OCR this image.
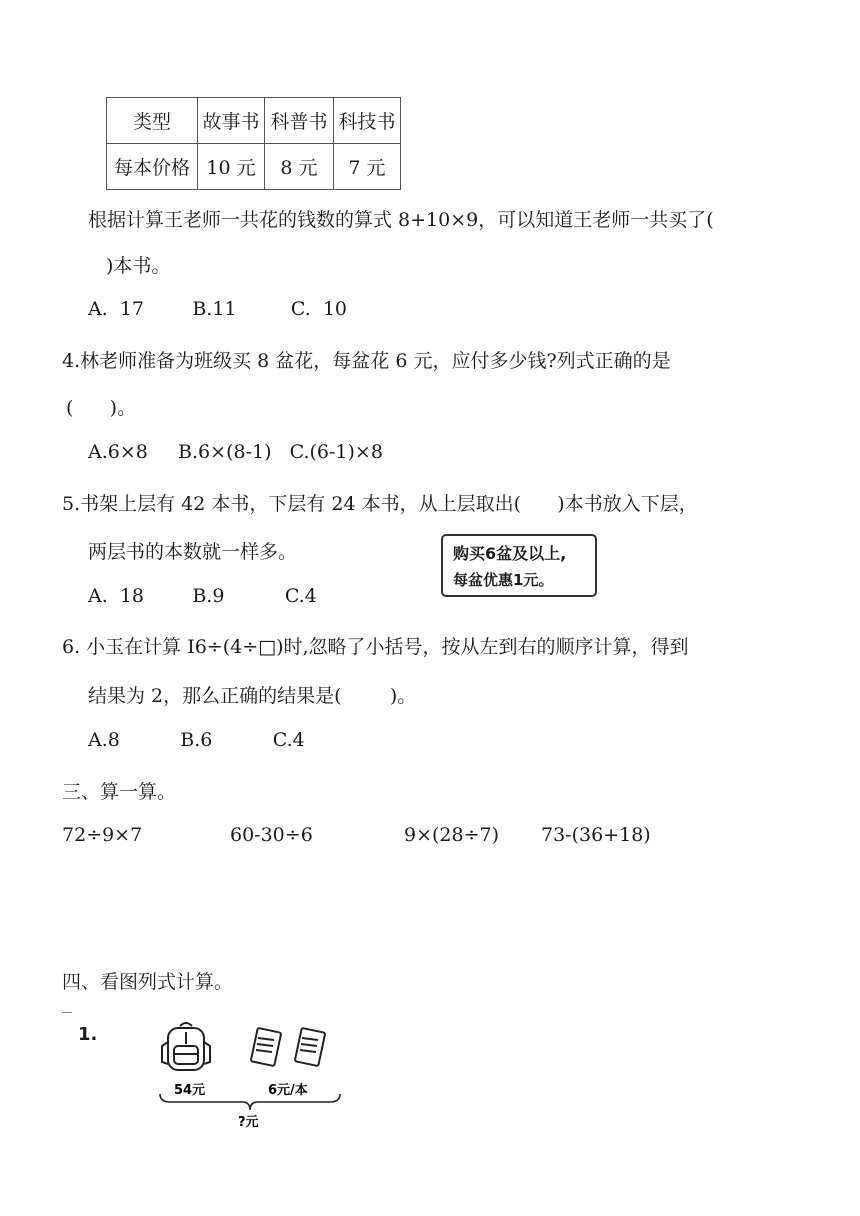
类型	故事书	科普书	科技书
每本价格	10 元	8 元	7 元
根据计算王老师一共花的钱数的算式 8+10×9，可以知道王老师一共买了(
)本书。
A.  17        B.11         C.  10
4.林老师准备为班级买 8 盆花，每盆花 6 元，应付多少钱?列式正确的是
(      )。
A.6×8     B.6×(8-1)   C.(6-1)×8
5.书架上层有 42 本书，下层有 24 本书，从上层取出(      )本书放入下层，
两层书的本数就一样多。
A.  18        B.9          C.4
购买6盆及以上,
每盆优惠1元。
6. 小玉在计算 I6÷(4÷□)时,忽略了小括号，按从左到右的顺序计算，得到
结果为 2，那么正确的结果是(        )。
A.8          B.6          C.4
三、算一算。
72÷9×7	60-30÷6	9×(28÷7) 73-(36+18)
四、看图列式计算。
1.
54元	6元/本
?元
